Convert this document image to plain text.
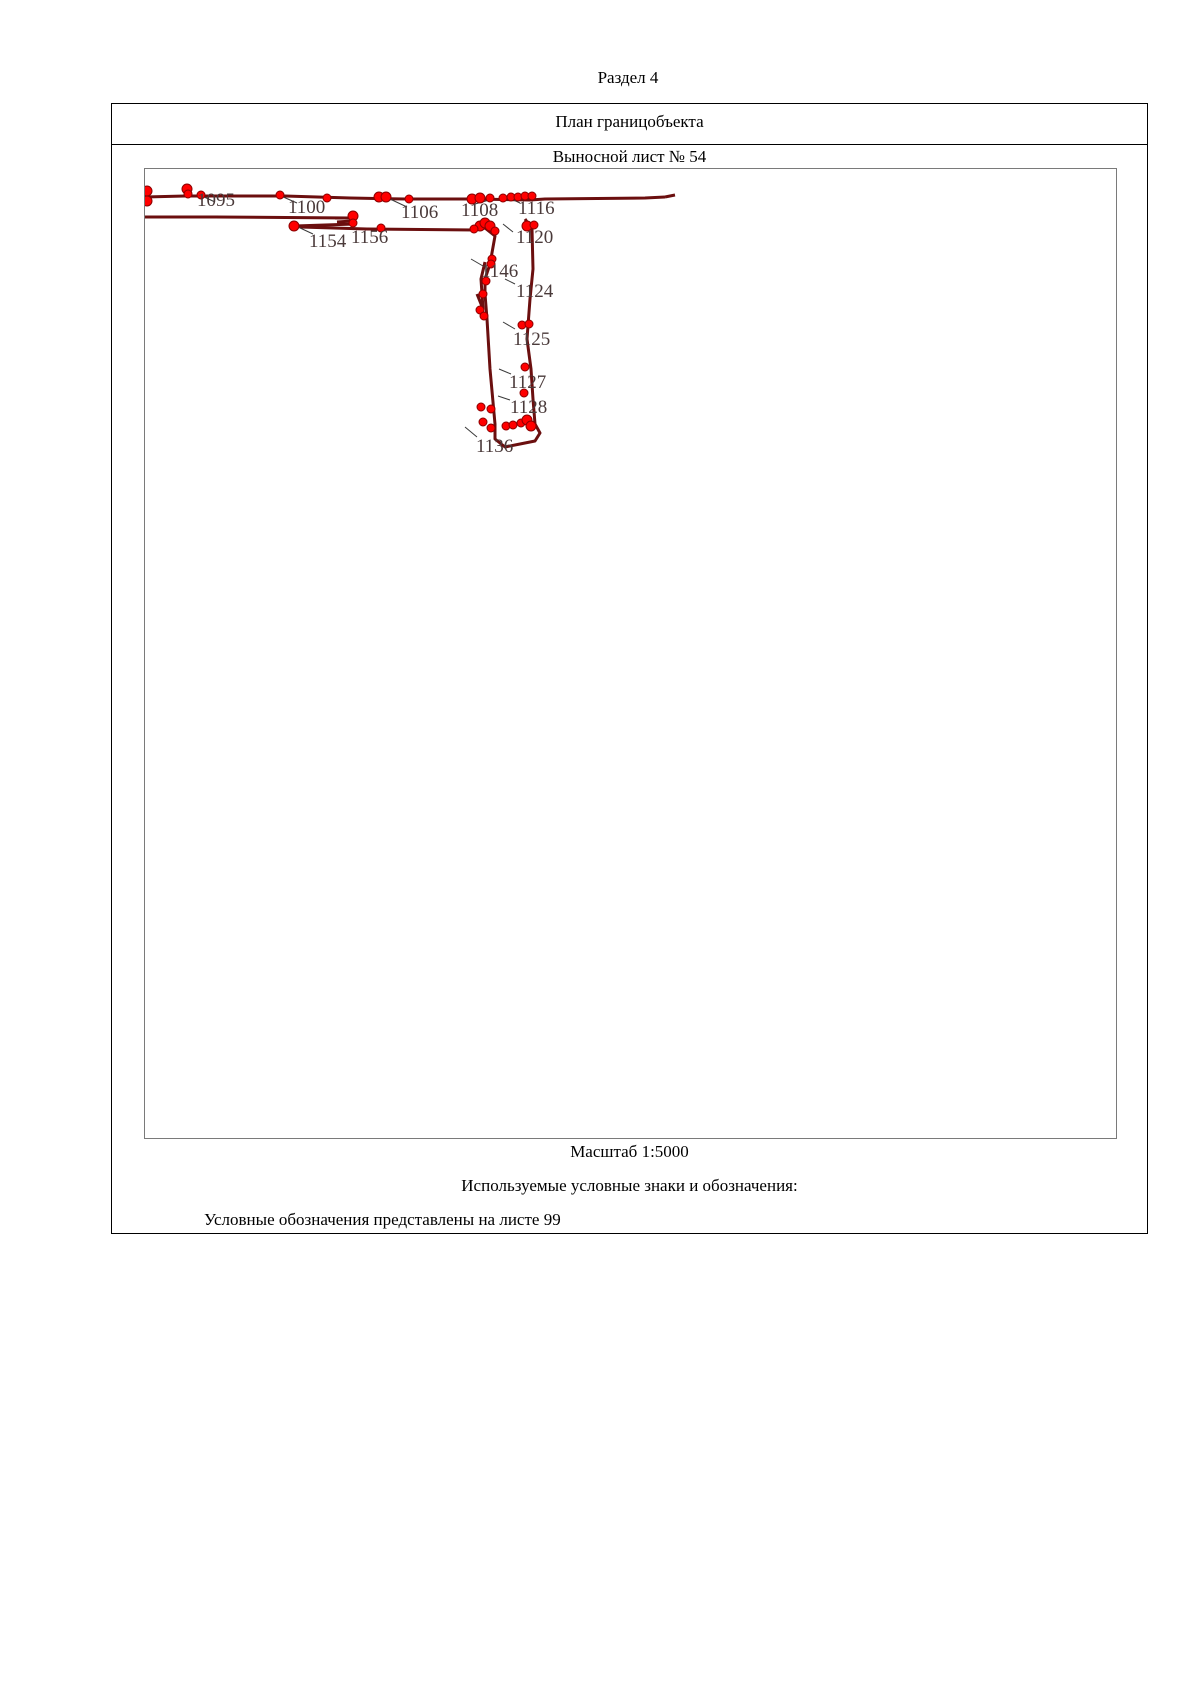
Раздел 4
План границобъекта
Выносной лист № 54
1095	1100	1106 1108 1116
1120
1154 1156
1146
1124
1125
1127
1128
1136
Масштаб 1:5000
Используемые условные знаки и обозначения:
Условные обозначения представлены на листе 99
